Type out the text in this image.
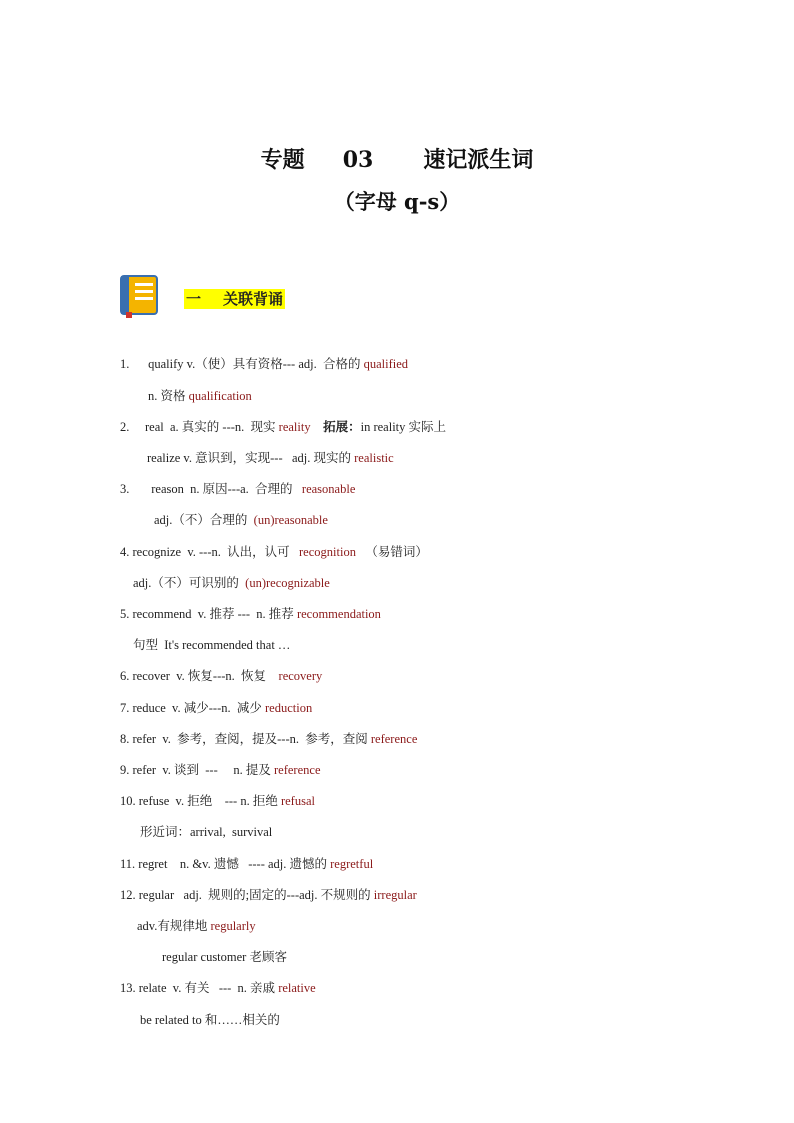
专题 03 速记派生词
（字母 q-s）
一 关联背诵
1.      qualify v.（使）具有资格--- adj.  合格的 qualified
n. 资格 qualification
2.     real  a. 真实的 ---n.  现实 reality 拓展：in reality 实际上
realize v. 意识到，实现---   adj. 现实的 realistic
3.       reason  n. 原因---a.  合理的   reasonable
adj.（不）合理的  (un)reasonable
4. recognize  v. ---n.  认出，认可   recognition   （易错词）
adj.（不）可识别的  (un)recognizable
5. recommend  v. 推荐 ---  n. 推荐 recommendation
句型  It's recommended that …
6. recover  v. 恢复---n.  恢复    recovery
7. reduce  v. 减少---n.  减少 reduction
8. refer  v.  参考，查阅，提及---n.  参考，查阅 reference
9. refer  v. 谈到  ---     n. 提及 reference
10. refuse  v. 拒绝    --- n. 拒绝 refusal
形近词：arrival,  survival
11. regret    n. &v. 遗憾   ---- adj. 遗憾的 regretful
12. regular   adj.  规则的;固定的---adj. 不规则的 irregular
adv.有规律地 regularly
regular customer 老顾客
13. relate  v. 有关   ---  n. 亲戚 relative
be related to 和……相关的
